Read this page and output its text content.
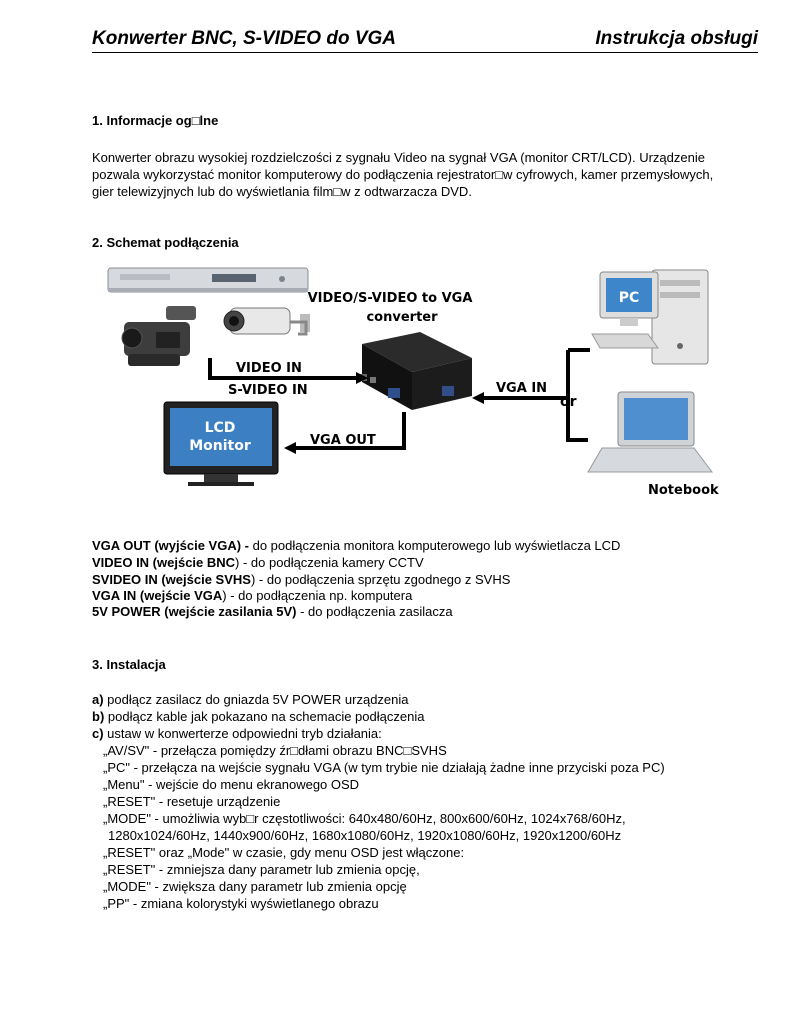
Konwerter BNC, S-VIDEO do VGA	Instrukcja obsługi
1. Informacje og□lne
Konwerter obrazu wysokiej rozdzielczości z sygnału Video na sygnał VGA (monitor CRT/LCD). Urządzenie
pozwala wykorzystać monitor komputerowy do podłączenia rejestrator□w cyfrowych, kamer przemysłowych,
gier telewizyjnych lub do wyświetlania film□w z odtwarzacza DVD.
2. Schemat podłączenia
VIDEO/S-VIDEO to VGA
converter
VIDEO IN
S-VIDEO IN
VGA OUT
LCD
Monitor
VGA IN
or
PC
Notebook
VGA OUT (wyjście VGA) - do podłączenia monitora komputerowego lub wyświetlacza LCD
VIDEO IN (wejście BNC) - do podłączenia kamery CCTV
SVIDEO IN (wejście SVHS) - do podłączenia sprzętu zgodnego z SVHS
VGA IN (wejście VGA) - do podłączenia np. komputera
5V POWER (wejście zasilania 5V) - do podłączenia zasilacza
3. Instalacja
a) podłącz zasilacz do gniazda 5V POWER urządzenia
b) podłącz kable jak pokazano na schemacie podłączenia
c) ustaw w konwerterze odpowiedni tryb działania:
„AV/SV" - przełącza pomiędzy źr□dłami obrazu BNC□SVHS
„PC" - przełącza na wejście sygnału VGA (w tym trybie nie działają żadne inne przyciski poza PC)
„Menu" - wejście do menu ekranowego OSD
„RESET" - resetuje urządzenie
„MODE" - umożliwia wyb□r częstotliwości: 640x480/60Hz, 800x600/60Hz, 1024x768/60Hz,
1280x1024/60Hz, 1440x900/60Hz, 1680x1080/60Hz, 1920x1080/60Hz, 1920x1200/60Hz
„RESET" oraz „Mode" w czasie, gdy menu OSD jest włączone:
„RESET" - zmniejsza dany parametr lub zmienia opcję,
„MODE" - zwiększa dany parametr lub zmienia opcję
„PP" - zmiana kolorystyki wyświetlanego obrazu
